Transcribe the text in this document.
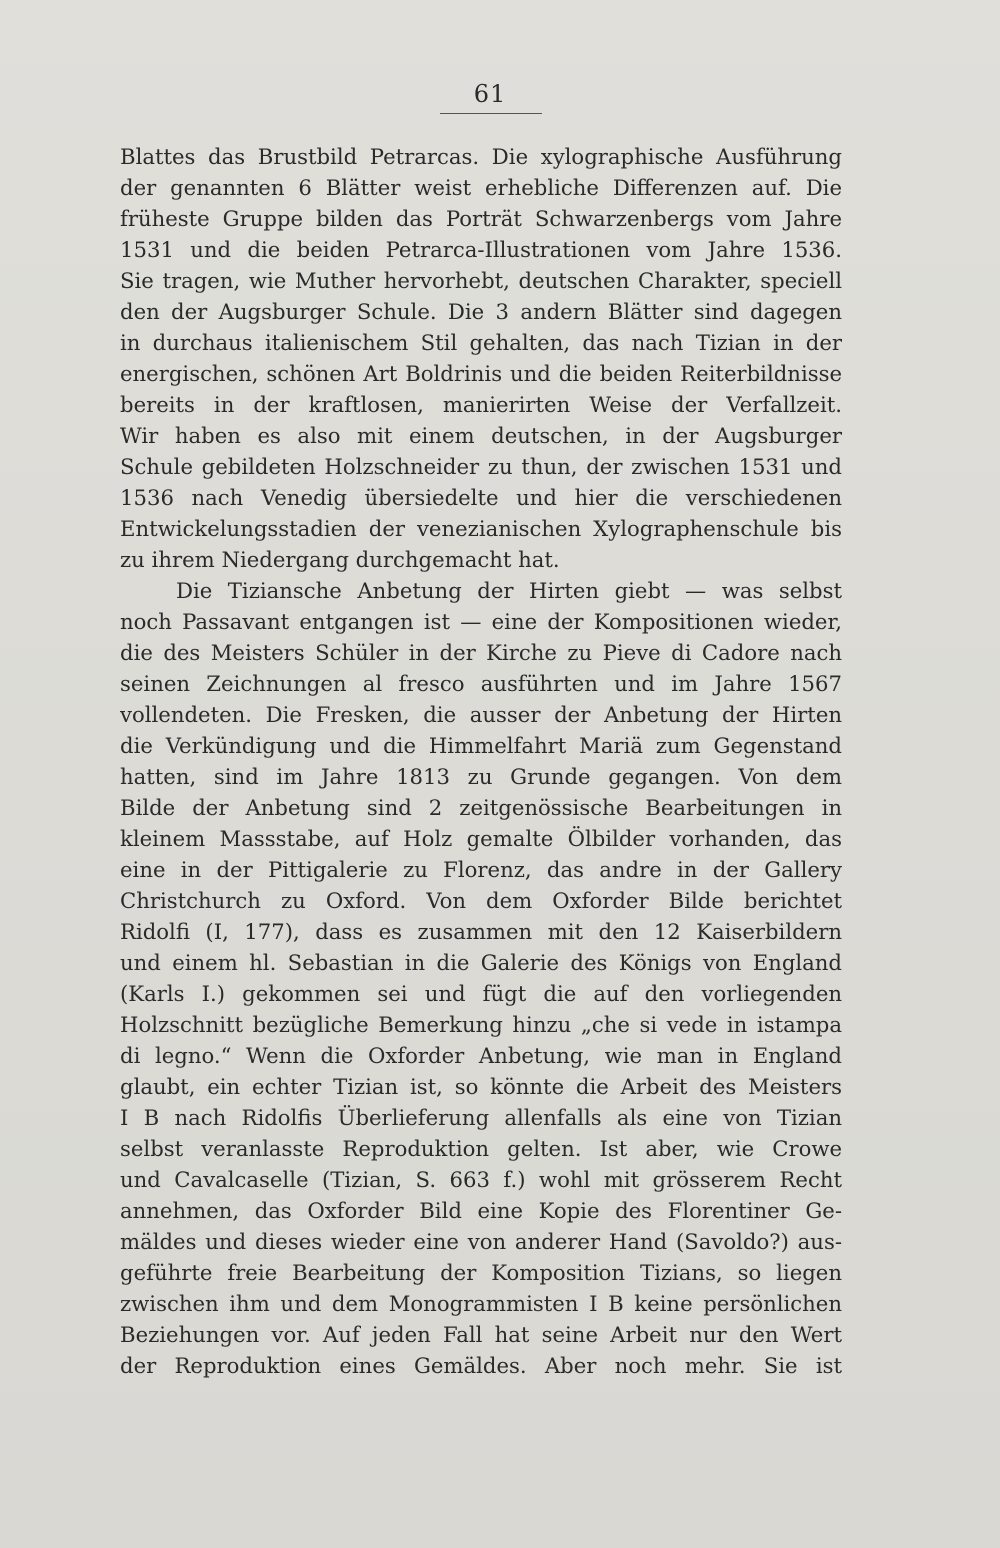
61
Blattes das Brustbild Petrarcas. Die xylographische Ausführung
der genannten 6 Blätter weist erhebliche Differenzen auf. Die
früheste Gruppe bilden das Porträt Schwarzenbergs vom Jahre
1531 und die beiden Petrarca-Illustrationen vom Jahre 1536.
Sie tragen, wie Muther hervorhebt, deutschen Charakter, speciell
den der Augsburger Schule. Die 3 andern Blätter sind dagegen
in durchaus italienischem Stil gehalten, das nach Tizian in der
energischen, schönen Art Boldrinis und die beiden Reiterbildnisse
bereits in der kraftlosen, manierirten Weise der Verfallzeit.
Wir haben es also mit einem deutschen, in der Augsburger
Schule gebildeten Holzschneider zu thun, der zwischen 1531 und
1536 nach Venedig übersiedelte und hier die verschiedenen
Entwickelungsstadien der venezianischen Xylographenschule bis
zu ihrem Niedergang durchgemacht hat.
Die Tiziansche Anbetung der Hirten giebt — was selbst
noch Passavant entgangen ist — eine der Kompositionen wieder,
die des Meisters Schüler in der Kirche zu Pieve di Cadore nach
seinen Zeichnungen al fresco ausführten und im Jahre 1567
vollendeten. Die Fresken, die ausser der Anbetung der Hirten
die Verkündigung und die Himmelfahrt Mariä zum Gegenstand
hatten, sind im Jahre 1813 zu Grunde gegangen. Von dem
Bilde der Anbetung sind 2 zeitgenössische Bearbeitungen in
kleinem Massstabe, auf Holz gemalte Ölbilder vorhanden, das
eine in der Pittigalerie zu Florenz, das andre in der Gallery
Christchurch zu Oxford. Von dem Oxforder Bilde berichtet
Ridolfi (I, 177), dass es zusammen mit den 12 Kaiserbildern
und einem hl. Sebastian in die Galerie des Königs von England
(Karls I.) gekommen sei und fügt die auf den vorliegenden
Holzschnitt bezügliche Bemerkung hinzu „che si vede in istampa
di legno.“ Wenn die Oxforder Anbetung, wie man in England
glaubt, ein echter Tizian ist, so könnte die Arbeit des Meisters
I B nach Ridolfis Überlieferung allenfalls als eine von Tizian
selbst veranlasste Reproduktion gelten. Ist aber, wie Crowe
und Cavalcaselle (Tizian, S. 663 f.) wohl mit grösserem Recht
annehmen, das Oxforder Bild eine Kopie des Florentiner Ge-
mäldes und dieses wieder eine von anderer Hand (Savoldo?) aus-
geführte freie Bearbeitung der Komposition Tizians, so liegen
zwischen ihm und dem Monogrammisten I B keine persönlichen
Beziehungen vor. Auf jeden Fall hat seine Arbeit nur den Wert
der Reproduktion eines Gemäldes. Aber noch mehr. Sie ist
